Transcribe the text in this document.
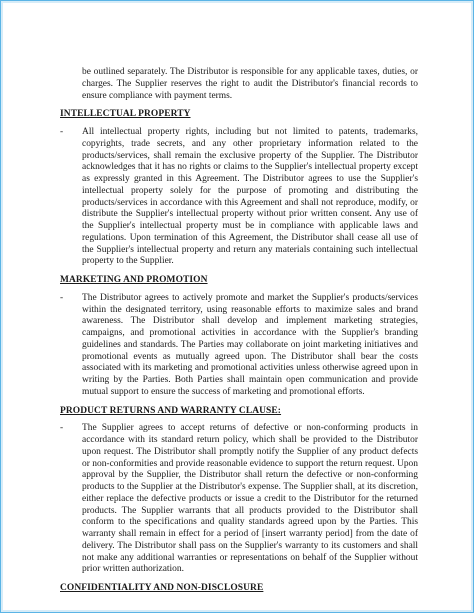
be outlined separately. The Distributor is responsible for any applicable taxes, duties, or charges. The Supplier reserves the right to audit the Distributor's financial records to ensure compliance with payment terms.

INTELLECTUAL PROPERTY
-	All intellectual property rights, including but not limited to patents, trademarks, copyrights, trade secrets, and any other proprietary information related to the products/services, shall remain the exclusive property of the Supplier. The Distributor acknowledges that it has no rights or claims to the Supplier's intellectual property except as expressly granted in this Agreement. The Distributor agrees to use the Supplier's intellectual property solely for the purpose of promoting and distributing the products/services in accordance with this Agreement and shall not reproduce, modify, or distribute the Supplier's intellectual property without prior written consent. Any use of the Supplier's intellectual property must be in compliance with applicable laws and regulations. Upon termination of this Agreement, the Distributor shall cease all use of the Supplier's intellectual property and return any materials containing such intellectual property to the Supplier.

MARKETING AND PROMOTION
-	The Distributor agrees to actively promote and market the Supplier's products/services within the designated territory, using reasonable efforts to maximize sales and brand awareness. The Distributor shall develop and implement marketing strategies, campaigns, and promotional activities in accordance with the Supplier's branding guidelines and standards. The Parties may collaborate on joint marketing initiatives and promotional events as mutually agreed upon. The Distributor shall bear the costs associated with its marketing and promotional activities unless otherwise agreed upon in writing by the Parties. Both Parties shall maintain open communication and provide mutual support to ensure the success of marketing and promotional efforts.

PRODUCT RETURNS AND WARRANTY CLAUSE:
-	The Supplier agrees to accept returns of defective or non-conforming products in accordance with its standard return policy, which shall be provided to the Distributor upon request. The Distributor shall promptly notify the Supplier of any product defects or non-conformities and provide reasonable evidence to support the return request. Upon approval by the Supplier, the Distributor shall return the defective or non-conforming products to the Supplier at the Distributor's expense. The Supplier shall, at its discretion, either replace the defective products or issue a credit to the Distributor for the returned products. The Supplier warrants that all products provided to the Distributor shall conform to the specifications and quality standards agreed upon by the Parties. This warranty shall remain in effect for a period of [insert warranty period] from the date of delivery. The Distributor shall pass on the Supplier's warranty to its customers and shall not make any additional warranties or representations on behalf of the Supplier without prior written authorization.

CONFIDENTIALITY AND NON-DISCLOSURE
